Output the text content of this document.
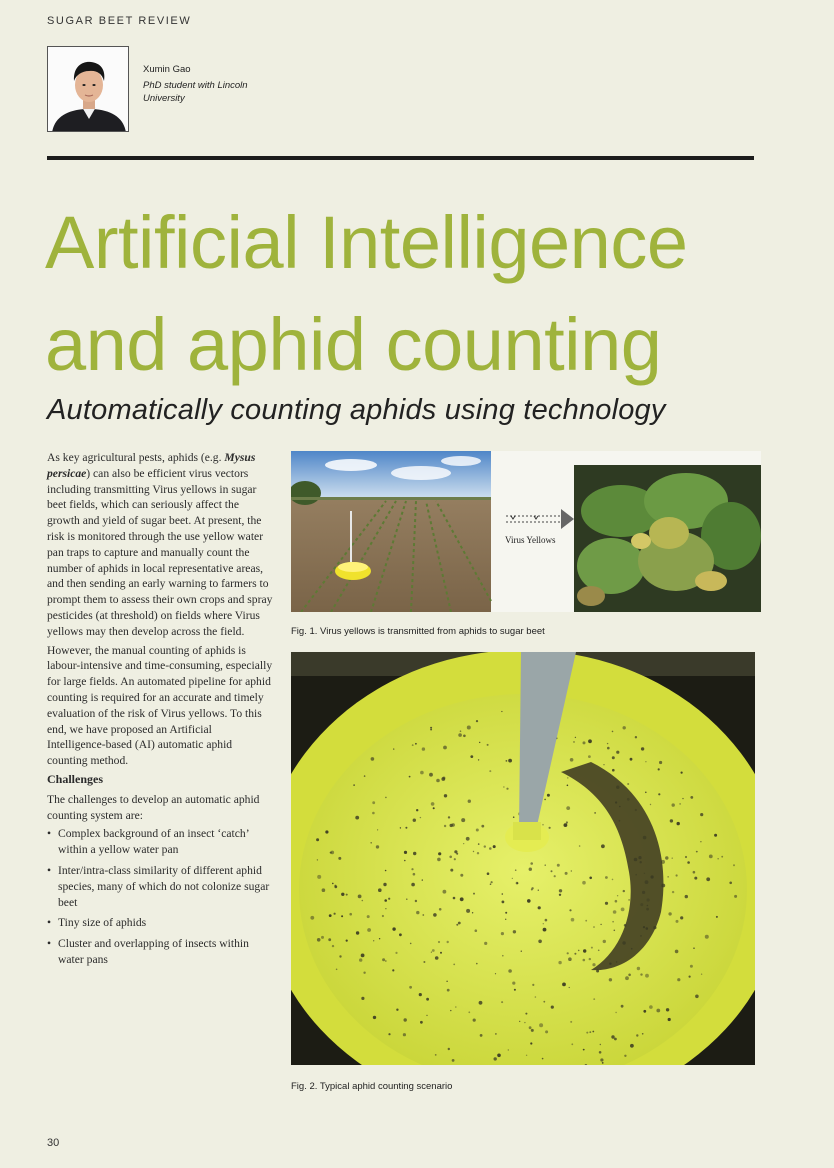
SUGAR BEET REVIEW
Xumin Gao
PhD student with Lincoln University
Artificial Intelligence
and aphid counting
Automatically counting aphids using technology

As key agricultural pests, aphids (e.g. Mysus persicae) can also be efficient virus vectors including transmitting Virus yellows in sugar beet fields, which can seriously affect the growth and yield of sugar beet. At present, the risk is monitored through the use yellow water pan traps to capture and manually count the number of aphids in local representative areas, and then sending an early warning to farmers to prompt them to assess their own crops and spray pesticides (at threshold) on fields where Virus yellows may then develop across the field.

However, the manual counting of aphids is labour-intensive and time-consuming, especially for large fields. An automated pipeline for aphid counting is required for an accurate and timely evaluation of the risk of Virus yellows. To this end, we have proposed an Artificial Intelligence-based (AI) automatic aphid counting method.

Challenges

The challenges to develop an automatic aphid counting system are:

• Complex background of an insect ‘catch’ within a yellow water pan
• Inter/intra-class similarity of different aphid species, many of which do not colonize sugar beet
• Tiny size of aphids
• Cluster and overlapping of insects within water pans
Virus Yellows
Fig. 1. Virus yellows is transmitted from aphids to sugar beet
Fig. 2. Typical aphid counting scenario
30
